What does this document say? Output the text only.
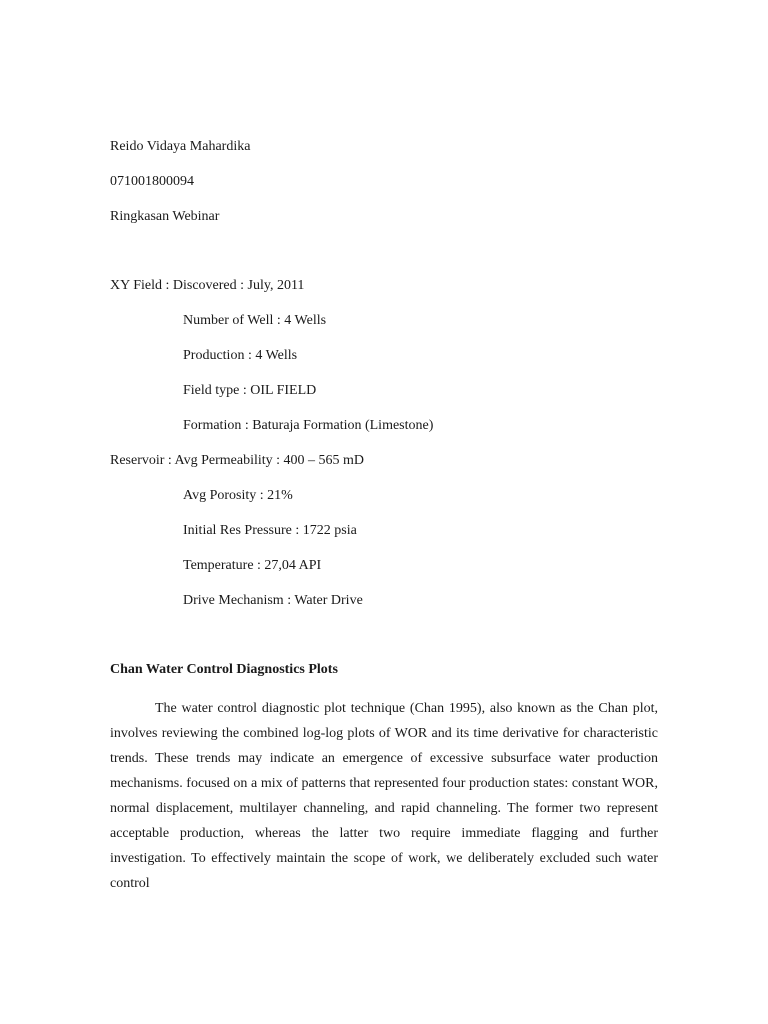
Reido Vidaya Mahardika
071001800094
Ringkasan Webinar
XY Field : Discovered : July, 2011
Number of Well : 4 Wells
Production : 4 Wells
Field type : OIL FIELD
Formation : Baturaja Formation (Limestone)
Reservoir : Avg Permeability : 400 – 565 mD
Avg Porosity : 21%
Initial Res Pressure : 1722 psia
Temperature : 27,04 API
Drive Mechanism : Water Drive
Chan Water Control Diagnostics Plots

The water control diagnostic plot technique (Chan 1995), also known as the Chan plot, involves reviewing the combined log-log plots of WOR and its time derivative for characteristic trends. These trends may indicate an emergence of excessive subsurface water production mechanisms. focused on a mix of patterns that represented four production states: constant WOR, normal displacement, multilayer channeling, and rapid channeling. The former two represent acceptable production, whereas the latter two require immediate flagging and further investigation. To effectively maintain the scope of work, we deliberately excluded such water control
